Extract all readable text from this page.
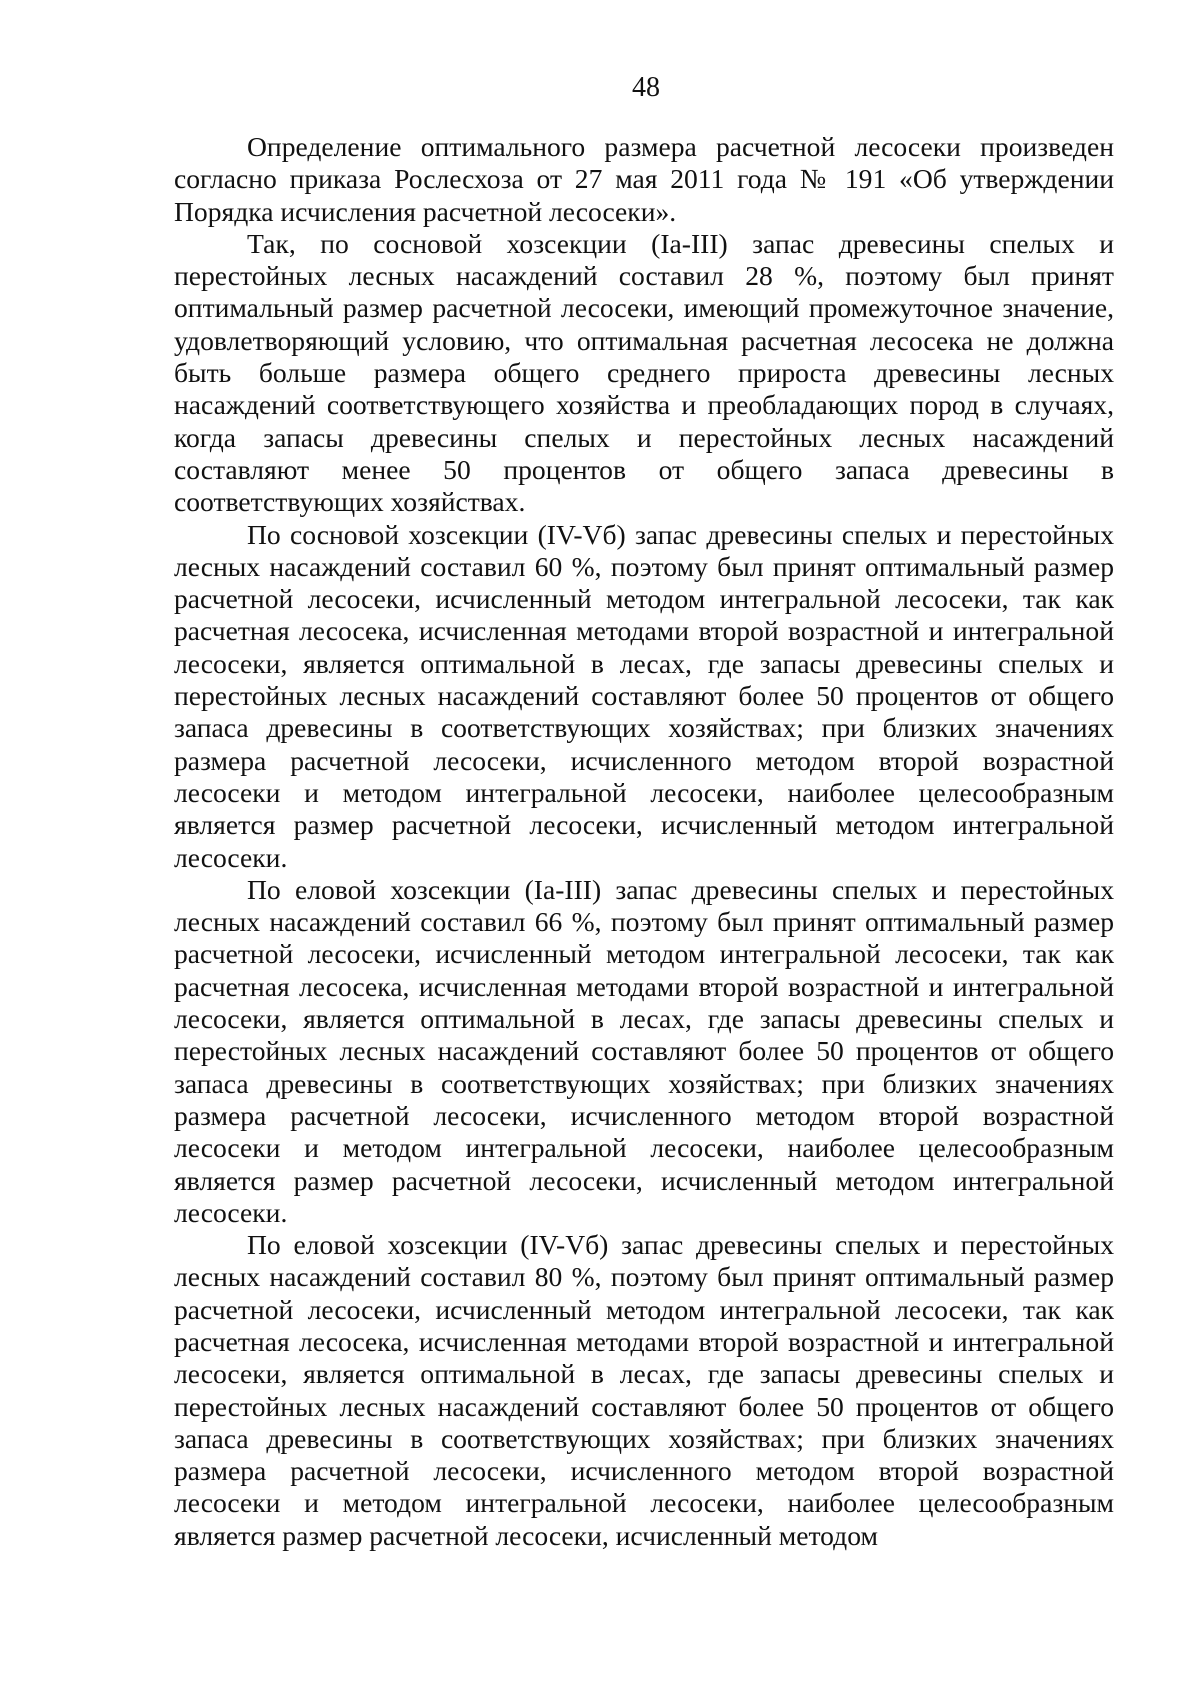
48

Определение оптимального размера расчетной лесосеки произведен согласно приказа Рослесхоза от 27 мая 2011 года № 191 «Об утверждении Порядка исчисления расчетной лесосеки».

Так, по сосновой хозсекции (Ia-III) запас древесины спелых и перестойных лесных насаждений составил 28 %, поэтому был принят оптимальный размер расчетной лесосеки, имеющий промежуточное значение, удовлетворяющий условию, что оптимальная расчетная лесосека не должна быть больше размера общего среднего прироста древесины лесных насаждений соответствующего хозяйства и преобладающих пород в случаях, когда запасы древесины спелых и перестойных лесных насаждений составляют менее 50 процентов от общего запаса древесины в соответствующих хозяйствах.

По сосновой хозсекции (IV-Vб) запас древесины спелых и перестойных лесных насаждений составил 60 %, поэтому был принят оптимальный размер расчетной лесосеки, исчисленный методом интегральной лесосеки, так как расчетная лесосека, исчисленная методами второй возрастной и интегральной лесосеки, является оптимальной в лесах, где запасы древесины спелых и перестойных лесных насаждений составляют более 50 процентов от общего запаса древесины в соответствующих хозяйствах; при близких значениях размера расчетной лесосеки, исчисленного методом второй возрастной лесосеки и методом интегральной лесосеки, наиболее целесообразным является размер расчетной лесосеки, исчисленный методом интегральной лесосеки.

По еловой хозсекции (Ia-III) запас древесины спелых и перестойных лесных насаждений составил 66 %, поэтому был принят оптимальный размер расчетной лесосеки, исчисленный методом интегральной лесосеки, так как расчетная лесосека, исчисленная методами второй возрастной и интегральной лесосеки, является оптимальной в лесах, где запасы древесины спелых и перестойных лесных насаждений составляют более 50 процентов от общего запаса древесины в соответствующих хозяйствах; при близких значениях размера расчетной лесосеки, исчисленного методом второй возрастной лесосеки и методом интегральной лесосеки, наиболее целесообразным является размер расчетной лесосеки, исчисленный методом интегральной лесосеки.

По еловой хозсекции (IV-Vб) запас древесины спелых и перестойных лесных насаждений составил 80 %, поэтому был принят оптимальный размер расчетной лесосеки, исчисленный методом интегральной лесосеки, так как расчетная лесосека, исчисленная методами второй возрастной и интегральной лесосеки, является оптимальной в лесах, где запасы древесины спелых и перестойных лесных насаждений составляют более 50 процентов от общего запаса древесины в соответствующих хозяйствах; при близких значениях размера расчетной лесосеки, исчисленного методом второй возрастной лесосеки и методом интегральной лесосеки, наиболее целесообразным является размер расчетной лесосеки, исчисленный методом
